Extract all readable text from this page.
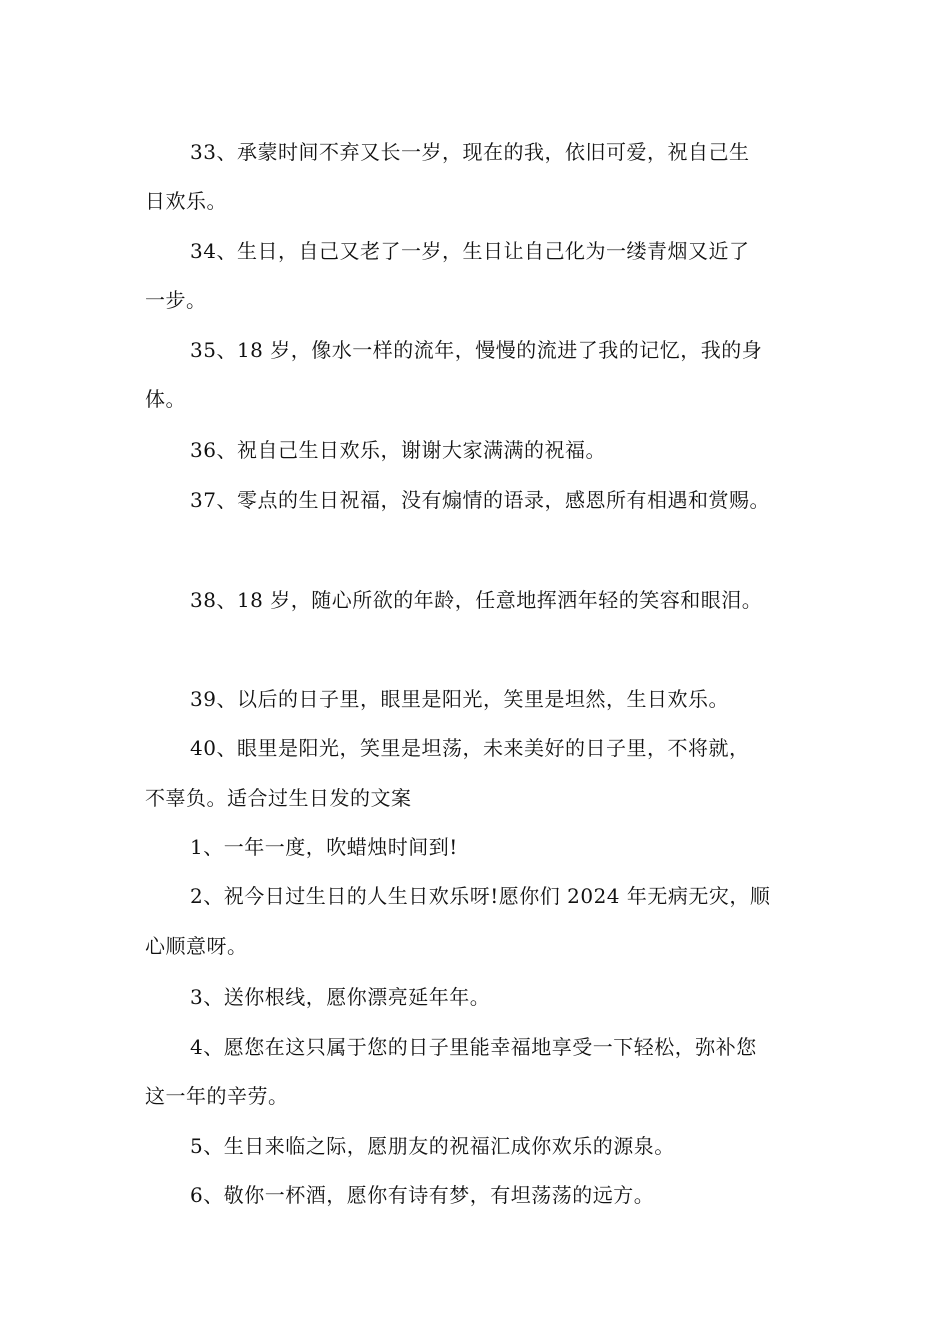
33、承蒙时间不弃又长一岁，现在的我，依旧可爱，祝自己生
日欢乐。
34、生日，自己又老了一岁，生日让自己化为一缕青烟又近了
一步。
35、18 岁，像水一样的流年，慢慢的流进了我的记忆，我的身
体。
36、祝自己生日欢乐，谢谢大家满满的祝福。
37、零点的生日祝福，没有煽情的语录，感恩所有相遇和赏赐。
38、18 岁，随心所欲的年龄，任意地挥洒年轻的笑容和眼泪。
39、以后的日子里，眼里是阳光，笑里是坦然，生日欢乐。
40、眼里是阳光，笑里是坦荡，未来美好的日子里，不将就，
不辜负。适合过生日发的文案
1、一年一度，吹蜡烛时间到!
2、祝今日过生日的人生日欢乐呀!愿你们 2024 年无病无灾，顺
心顺意呀。
3、送你根线，愿你漂亮延年年。
4、愿您在这只属于您的日子里能幸福地享受一下轻松，弥补您
这一年的辛劳。
5、生日来临之际，愿朋友的祝福汇成你欢乐的源泉。
6、敬你一杯酒，愿你有诗有梦，有坦荡荡的远方。
